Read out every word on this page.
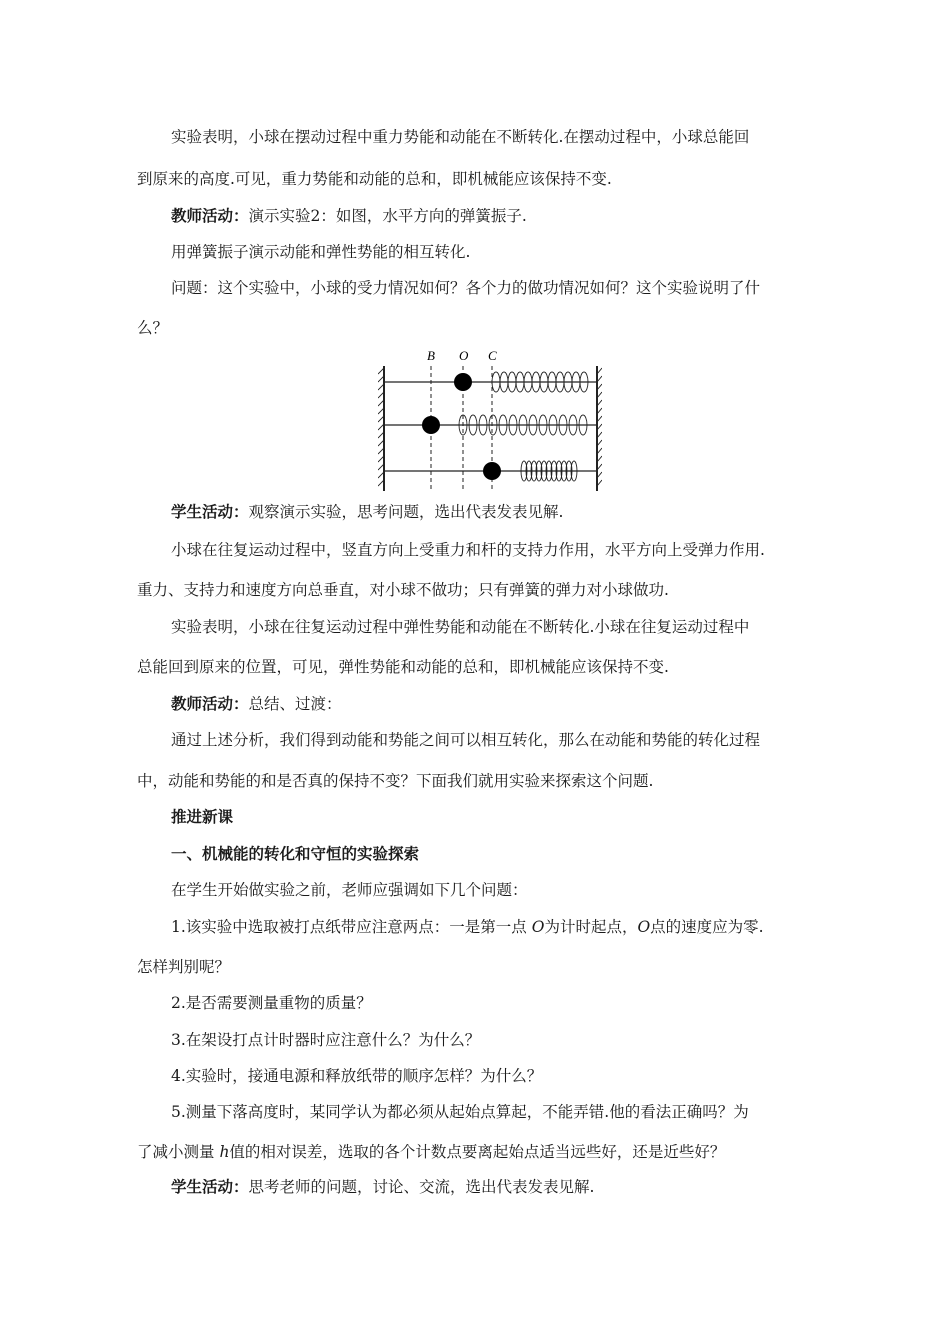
实验表明，小球在摆动过程中重力势能和动能在不断转化.在摆动过程中，小球总能回
到原来的高度.可见，重力势能和动能的总和，即机械能应该保持不变.
教师活动：演示实验2：如图，水平方向的弹簧振子.
用弹簧振子演示动能和弹性势能的相互转化.
问题：这个实验中，小球的受力情况如何？各个力的做功情况如何？这个实验说明了什
么？
B O C
学生活动：观察演示实验，思考问题，选出代表发表见解.
小球在往复运动过程中，竖直方向上受重力和杆的支持力作用，水平方向上受弹力作用.
重力、支持力和速度方向总垂直，对小球不做功；只有弹簧的弹力对小球做功.
实验表明，小球在往复运动过程中弹性势能和动能在不断转化.小球在往复运动过程中
总能回到原来的位置，可见，弹性势能和动能的总和，即机械能应该保持不变.
教师活动：总结、过渡：
通过上述分析，我们得到动能和势能之间可以相互转化，那么在动能和势能的转化过程
中，动能和势能的和是否真的保持不变？下面我们就用实验来探索这个问题.
推进新课
一、机械能的转化和守恒的实验探索
在学生开始做实验之前，老师应强调如下几个问题：
1.该实验中选取被打点纸带应注意两点：一是第一点 O为计时起点，O点的速度应为零.
怎样判别呢？
2.是否需要测量重物的质量？
3.在架设打点计时器时应注意什么？为什么？
4.实验时，接通电源和释放纸带的顺序怎样？为什么？
5.测量下落高度时，某同学认为都必须从起始点算起，不能弄错.他的看法正确吗？为
了减小测量 h值的相对误差，选取的各个计数点要离起始点适当远些好，还是近些好？
学生活动：思考老师的问题，讨论、交流，选出代表发表见解.
